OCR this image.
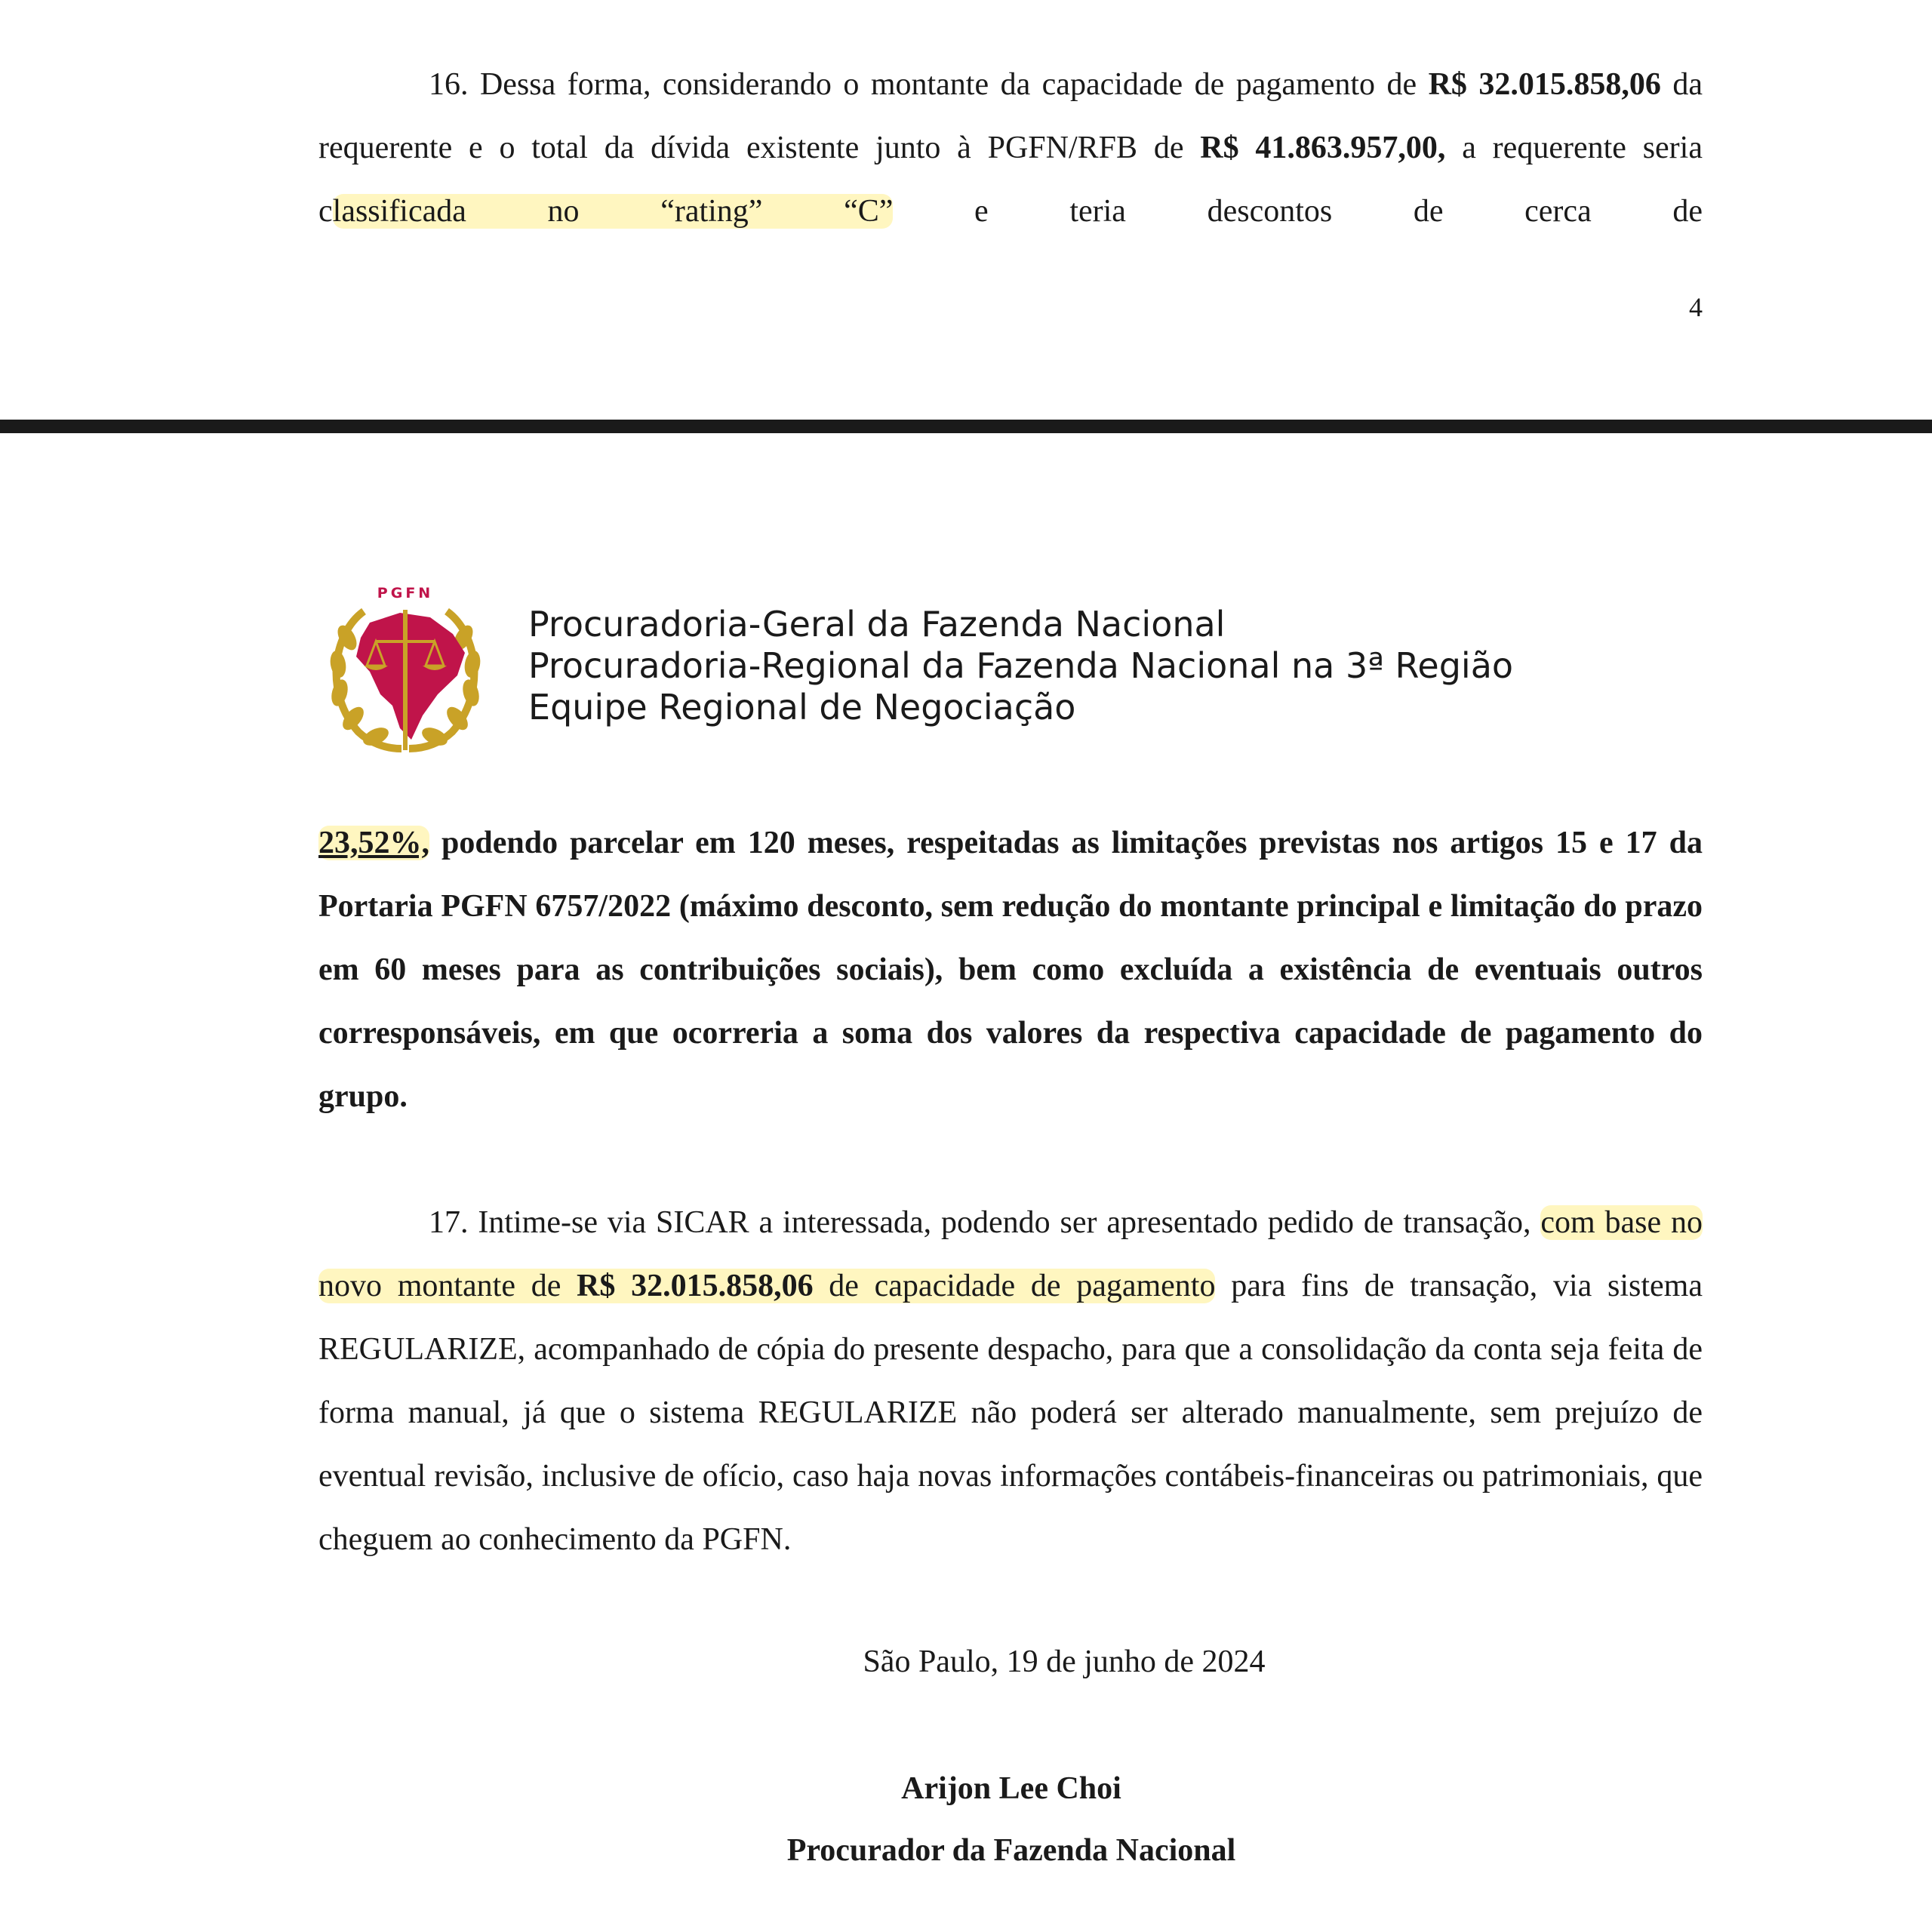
16. Dessa forma, considerando o montante da capacidade de pagamento de R$ 32.015.858,06 da requerente e o total da dívida existente junto à PGFN/RFB de R$ 41.863.957,00, a requerente seria classificada no “rating” “C” e teria descontos de cerca de
4
PGFN
Procuradoria-Geral da Fazenda Nacional
Procuradoria-Regional da Fazenda Nacional na 3ª Região
Equipe Regional de Negociação
23,52%, podendo parcelar em 120 meses, respeitadas as limitações previstas nos artigos 15 e 17 da Portaria PGFN 6757/2022 (máximo desconto, sem redução do montante principal e limitação do prazo em 60 meses para as contribuições sociais), bem como excluída a existência de eventuais outros corresponsáveis, em que ocorreria a soma dos valores da respectiva capacidade de pagamento do grupo.
17. Intime-se via SICAR a interessada, podendo ser apresentado pedido de transação, com base no novo montante de R$ 32.015.858,06 de capacidade de pagamento para fins de transação, via sistema REGULARIZE, acompanhado de cópia do presente despacho, para que a consolidação da conta seja feita de forma manual, já que o sistema REGULARIZE não poderá ser alterado manualmente, sem prejuízo de eventual revisão, inclusive de ofício, caso haja novas informações contábeis-financeiras ou patrimoniais, que cheguem ao conhecimento da PGFN.
São Paulo, 19 de junho de 2024
Arijon Lee Choi
Procurador da Fazenda Nacional
